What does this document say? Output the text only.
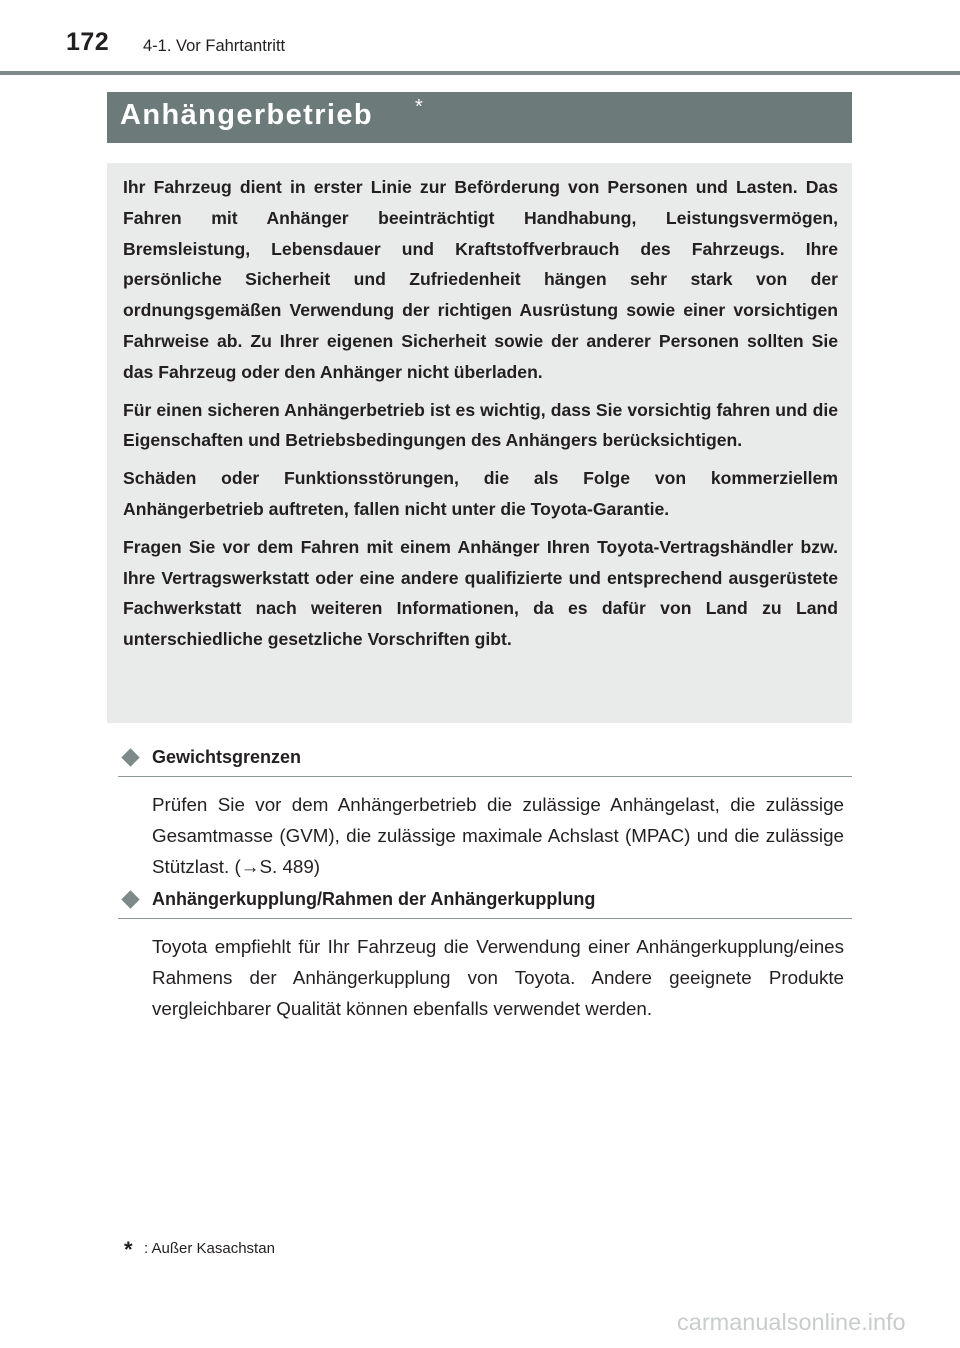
172 4-1. Vor Fahrtantritt
Anhängerbetrieb *

Ihr Fahrzeug dient in erster Linie zur Beförderung von Personen und Lasten. Das Fahren mit Anhänger beeinträchtigt Handhabung, Leistungsvermögen, Bremsleistung, Lebensdauer und Kraftstoffverbrauch des Fahrzeugs. Ihre persönliche Sicherheit und Zufriedenheit hängen sehr stark von der ordnungsgemäßen Verwendung der richtigen Ausrüstung sowie einer vorsichtigen Fahrweise ab. Zu Ihrer eigenen Sicherheit sowie der anderer Personen sollten Sie das Fahrzeug oder den Anhänger nicht überladen.

Für einen sicheren Anhängerbetrieb ist es wichtig, dass Sie vorsichtig fahren und die Eigenschaften und Betriebsbedingungen des Anhängers berücksichtigen.

Schäden oder Funktionsstörungen, die als Folge von kommerziellem Anhängerbetrieb auftreten, fallen nicht unter die Toyota-Garantie.

Fragen Sie vor dem Fahren mit einem Anhänger Ihren Toyota-Vertragshändler bzw. Ihre Vertragswerkstatt oder eine andere qualifizierte und entsprechend ausgerüstete Fachwerkstatt nach weiteren Informationen, da es dafür von Land zu Land unterschiedliche gesetzliche Vorschriften gibt.

Gewichtsgrenzen

Prüfen Sie vor dem Anhängerbetrieb die zulässige Anhängelast, die zulässige Gesamtmasse (GVM), die zulässige maximale Achslast (MPAC) und die zulässige Stützlast. (→S. 489)

Anhängerkupplung/Rahmen der Anhängerkupplung

Toyota empfiehlt für Ihr Fahrzeug die Verwendung einer Anhängerkupplung/eines Rahmens der Anhängerkupplung von Toyota. Andere geeignete Produkte vergleichbarer Qualität können ebenfalls verwendet werden.

* : Außer Kasachstan
carmanualsonline.info
